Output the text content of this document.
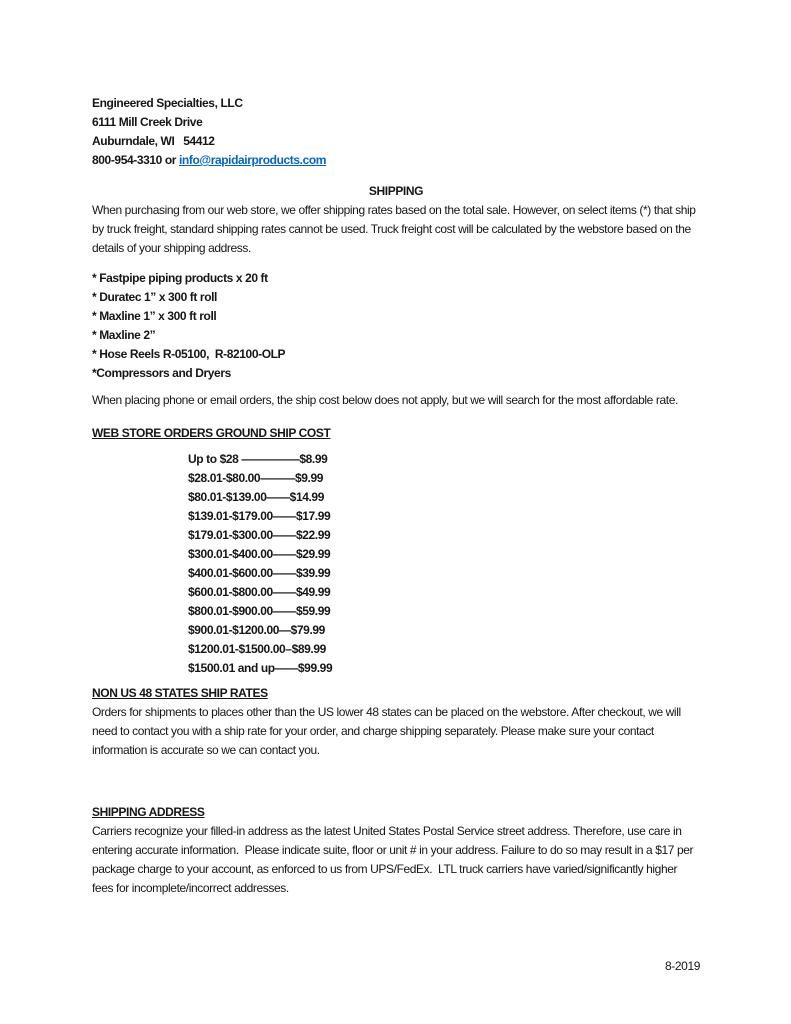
Engineered Specialties, LLC
6111 Mill Creek Drive
Auburndale, WI   54412
800-954-3310 or info@rapidairproducts.com
SHIPPING

When purchasing from our web store, we offer shipping rates based on the total sale. However, on select items (*) that ship by truck freight, standard shipping rates cannot be used. Truck freight cost will be calculated by the webstore based on the details of your shipping address.

* Fastpipe piping products x 20 ft
* Duratec 1” x 300 ft roll
* Maxline 1” x 300 ft roll
* Maxline 2”
* Hose Reels R-05100,  R-82100-OLP
*Compressors and Dryers

When placing phone or email orders, the ship cost below does not apply, but we will search for the most affordable rate.

WEB STORE ORDERS GROUND SHIP COST
Up to $28 —————$8.99
$28.01-$80.00———$9.99
$80.01-$139.00——$14.99
$139.01-$179.00——$17.99
$179.01-$300.00——$22.99
$300.01-$400.00——$29.99
$400.01-$600.00——$39.99
$600.01-$800.00——$49.99
$800.01-$900.00——$59.99
$900.01-$1200.00—$79.99
$1200.01-$1500.00–$89.99
$1500.01 and up——$99.99
NON US 48 STATES SHIP RATES

Orders for shipments to places other than the US lower 48 states can be placed on the webstore. After checkout, we will need to contact you with a ship rate for your order, and charge shipping separately. Please make sure your contact information is accurate so we can contact you.

SHIPPING ADDRESS

Carriers recognize your filled-in address as the latest United States Postal Service street address. Therefore, use care in entering accurate information.  Please indicate suite, floor or unit # in your address. Failure to do so may result in a $17 per package charge to your account, as enforced to us from UPS/FedEx.  LTL truck carriers have varied/significantly higher fees for incomplete/incorrect addresses.

8-2019
